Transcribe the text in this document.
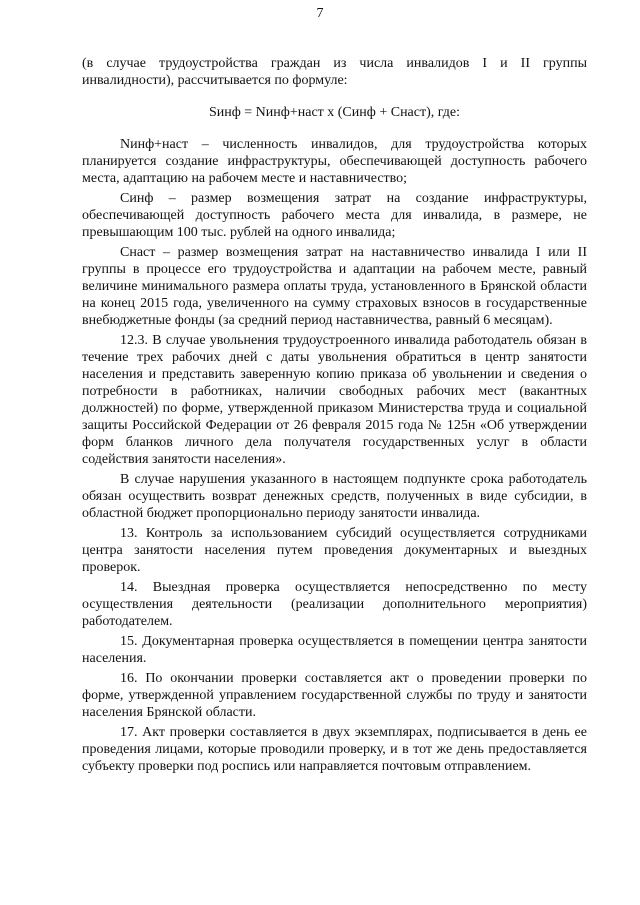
7

(в случае трудоустройства граждан из числа инвалидов I и II группы инвалидности), рассчитывается по формуле:

Sинф = Nинф+наст х (Синф + Снаст), где:

Nинф+наст – численность инвалидов, для трудоустройства которых планируется создание инфраструктуры, обеспечивающей доступность рабочего места, адаптацию на рабочем месте и наставничество;

Синф – размер возмещения затрат на создание инфраструктуры, обеспечивающей доступность рабочего места для инвалида, в размере, не превышающим 100 тыс. рублей на одного инвалида;

Снаст – размер возмещения затрат на наставничество инвалида I или II группы в процессе его трудоустройства и адаптации на рабочем месте, равный величине минимального размера оплаты труда, установленного в Брянской области на конец 2015 года, увеличенного на сумму страховых взносов в государственные внебюджетные фонды (за средний период наставничества, равный 6 месяцам).

12.3. В случае увольнения трудоустроенного инвалида работодатель обязан в течение трех рабочих дней с даты увольнения обратиться в центр занятости населения и представить заверенную копию приказа об увольнении и сведения о потребности в работниках, наличии свободных рабочих мест (вакантных должностей) по форме, утвержденной приказом Министерства труда и социальной защиты Российской Федерации от 26 февраля 2015 года № 125н «Об утверждении форм бланков личного дела получателя государственных услуг в области содействия занятости населения».

В случае нарушения указанного в настоящем подпункте срока работодатель обязан осуществить возврат денежных средств, полученных в виде субсидии, в областной бюджет пропорционально периоду занятости инвалида.

13. Контроль за использованием субсидий осуществляется сотрудниками центра занятости населения путем проведения документарных и выездных проверок.

14. Выездная проверка осуществляется непосредственно по месту осуществления деятельности (реализации дополнительного мероприятия) работодателем.

15. Документарная проверка осуществляется в помещении центра занятости населения.

16. По окончании проверки составляется акт о проведении проверки по форме, утвержденной управлением государственной службы по труду и занятости населения Брянской области.

17. Акт проверки составляется в двух экземплярах, подписывается в день ее проведения лицами, которые проводили проверку, и в тот же день предоставляется субъекту проверки под роспись или направляется почтовым отправлением.
